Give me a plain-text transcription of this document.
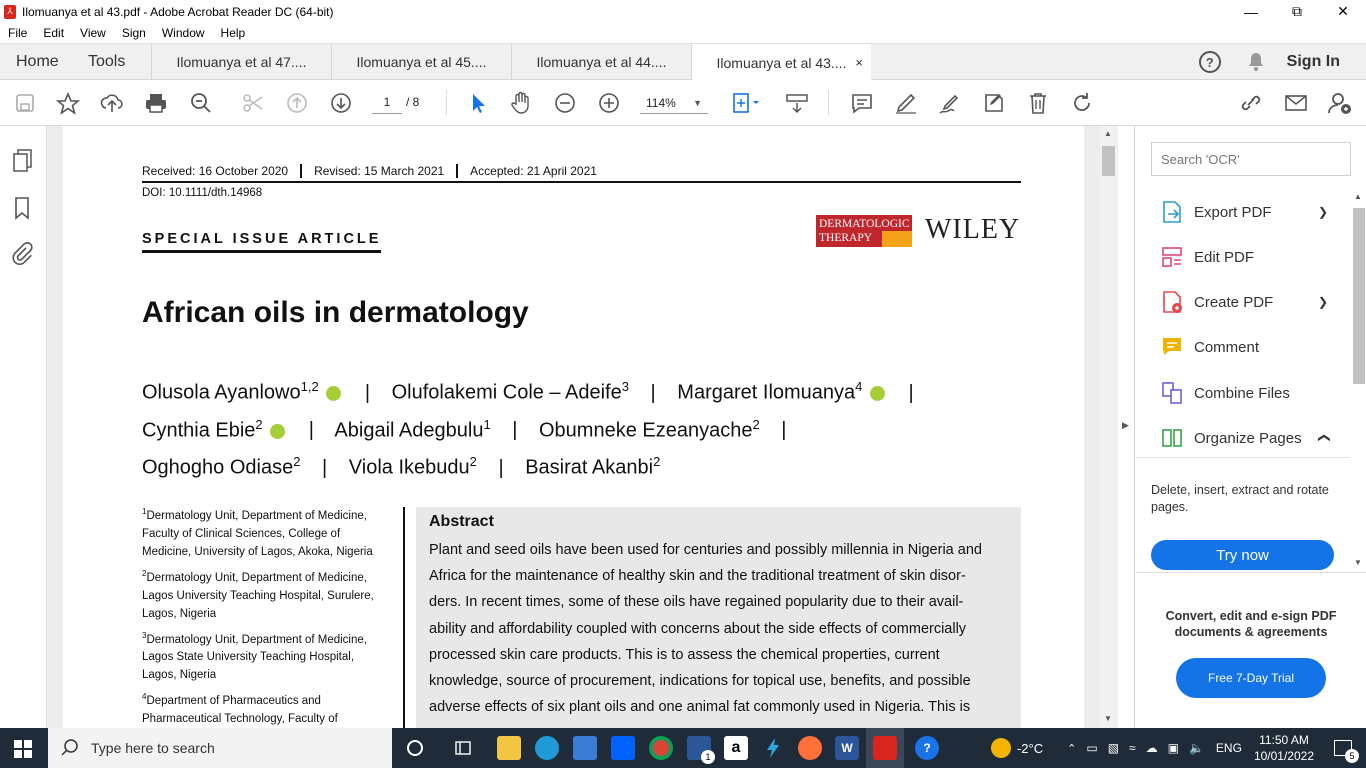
⅄ Ilomuanya et al 43.pdf - Adobe Acrobat Reader DC (64-bit)	—	⧉	✕
File Edit View Sign Window Help
Home Tools	Ilomuanya et al 47....	Ilomuanya et al 45....	Ilomuanya et al 44....	Ilomuanya et al 43.... ×	?	Sign In
1	/ 8	114% ▼
Received: 16 October 2020	Revised: 15 March 2021	Accepted: 21 April 2021
DOI: 10.1111/dth.14968
SPECIAL ISSUE ARTICLE
DERMATOLOGIC
THERAPY	WILEY
African oils in dermatology
Olusola Ayanlowo$^{1,2}$ | Olufolakemi Cole – Adeife$^3$ | Margaret Ilomuanya$^4$ |
Cynthia Ebie$^2$ | Abigail Adegbulu$^1$ | Obumneke Ezeanyache$^2$ |
Oghogho Odiase$^2$ | Viola Ikebudu$^2$ | Basirat Akanbi$^2$
$^1$Dermatology Unit, Department of Medicine, Faculty of Clinical Sciences, College of Medicine, University of Lagos, Akoka, Nigeria
$^2$Dermatology Unit, Department of Medicine, Lagos University Teaching Hospital, Surulere, Lagos, Nigeria
$^3$Dermatology Unit, Department of Medicine, Lagos State University Teaching Hospital, Lagos, Nigeria
$^4$Department of Pharmaceutics and Pharmaceutical Technology, Faculty of
Abstract
Plant and seed oils have been used for centuries and possibly millennia in Nigeria and
Africa for the maintenance of healthy skin and the traditional treatment of skin disor-
ders. In recent times, some of these oils have regained popularity due to their avail-
ability and affordability coupled with concerns about the side effects of commercially
processed skin care products. This is to assess the chemical properties, current
knowledge, source of procurement, indications for topical use, benefits, and possible
adverse effects of six plant oils and one animal fat commonly used in Nigeria. This is
▲
▼
▶
Search 'OCR'
Export PDF	❯
Edit PDF
Create PDF	❯
Comment
Combine Files
Organize Pages ❯
Delete, insert, extract and rotate pages.
Try now
▲
▼
Convert, edit and e-sign PDF documents & agreements
Free 7-Day Trial
Type here to search
1
a	W	?	-2°C ⌃ ▭ ▧ ≈ ☁ ▣ 🔈 ENG
11:50 AM
10/01/2022	5
